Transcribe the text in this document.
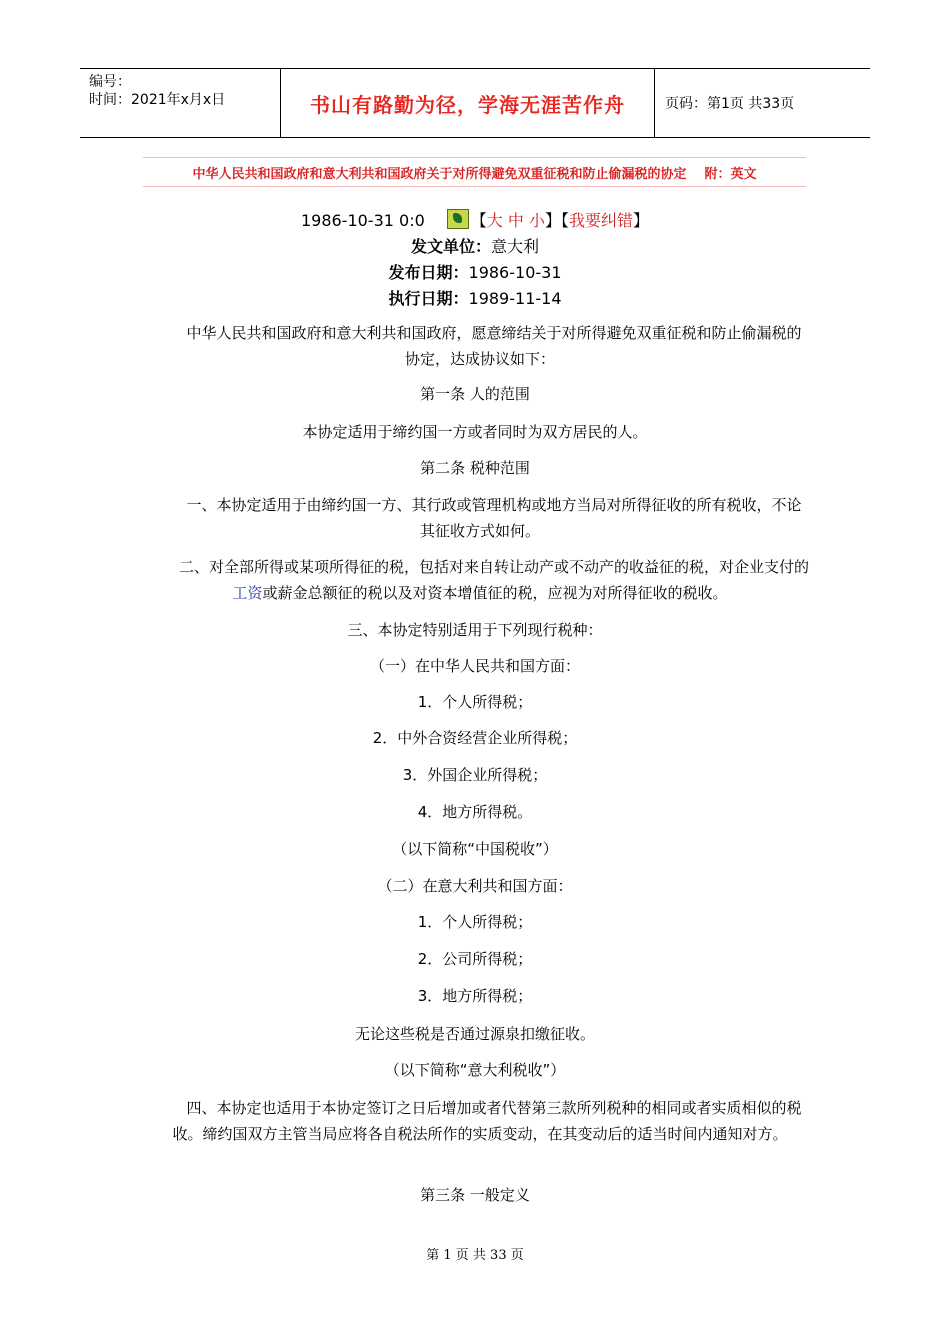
编号：
时间：2021年x月x日	书山有路勤为径，学海无涯苦作舟	页码：第1页 共33页
中华人民共和国政府和意大利共和国政府关于对所得避免双重征税和防止偷漏税的协定 附：英文
1986-10-31 0:0	【大 中 小】【我要纠错】
发文单位：意大利
发布日期：1986-10-31
执行日期：1989-11-14
中华人民共和国政府和意大利共和国政府，愿意缔结关于对所得避免双重征税和防止偷漏税的协定，达成协议如下：
第一条 人的范围
本协定适用于缔约国一方或者同时为双方居民的人。
第二条 税种范围
一、本协定适用于由缔约国一方、其行政或管理机构或地方当局对所得征收的所有税收，不论其征收方式如何。
二、对全部所得或某项所得征的税，包括对来自转让动产或不动产的收益征的税，对企业支付的工资或薪金总额征的税以及对资本增值征的税，应视为对所得征收的税收。
三、本协定特别适用于下列现行税种：
（一）在中华人民共和国方面：
1．个人所得税；
2．中外合资经营企业所得税；
3．外国企业所得税；
4．地方所得税。
（以下简称“中国税收”）
（二）在意大利共和国方面：
1．个人所得税；
2．公司所得税；
3．地方所得税；
无论这些税是否通过源泉扣缴征收。
（以下简称“意大利税收”）
四、本协定也适用于本协定签订之日后增加或者代替第三款所列税种的相同或者实质相似的税收。缔约国双方主管当局应将各自税法所作的实质变动，在其变动后的适当时间内通知对方。
第三条 一般定义
第 1 页 共 33 页
